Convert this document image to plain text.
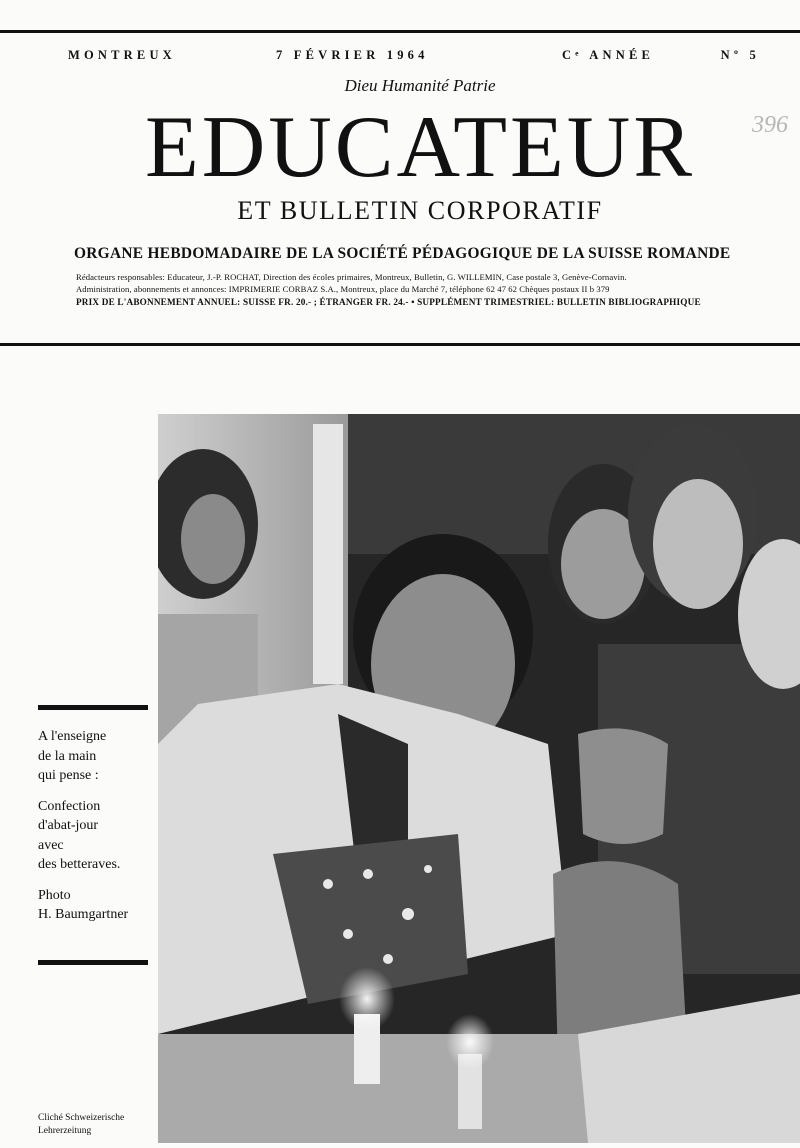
MONTREUX	7 FÉVRIER 1964	Cᵉ ANNÉE	Nº 5
Dieu Humanité Patrie
EDUCATEUR
ET BULLETIN CORPORATIF
396
ORGANE HEBDOMADAIRE DE LA SOCIÉTÉ PÉDAGOGIQUE DE LA SUISSE ROMANDE
Rédacteurs responsables: Educateur, J.-P. ROCHAT, Direction des écoles primaires, Montreux, Bulletin, G. WILLEMIN, Case postale 3, Genève-Cornavin.
Administration, abonnements et annonces: IMPRIMERIE CORBAZ S.A., Montreux, place du Marché 7, téléphone 62 47 62 Chèques postaux II b 379
PRIX DE L'ABONNEMENT ANNUEL: SUISSE FR. 20.- ; ÉTRANGER FR. 24.- • SUPPLÉMENT TRIMESTRIEL: BULLETIN BIBLIOGRAPHIQUE

A l'enseigne
de la main
qui pense :

Confection
d'abat-jour
avec
des betteraves.

Photo
H. Baumgartner

Cliché Schweizerische
Lehrerzeitung
